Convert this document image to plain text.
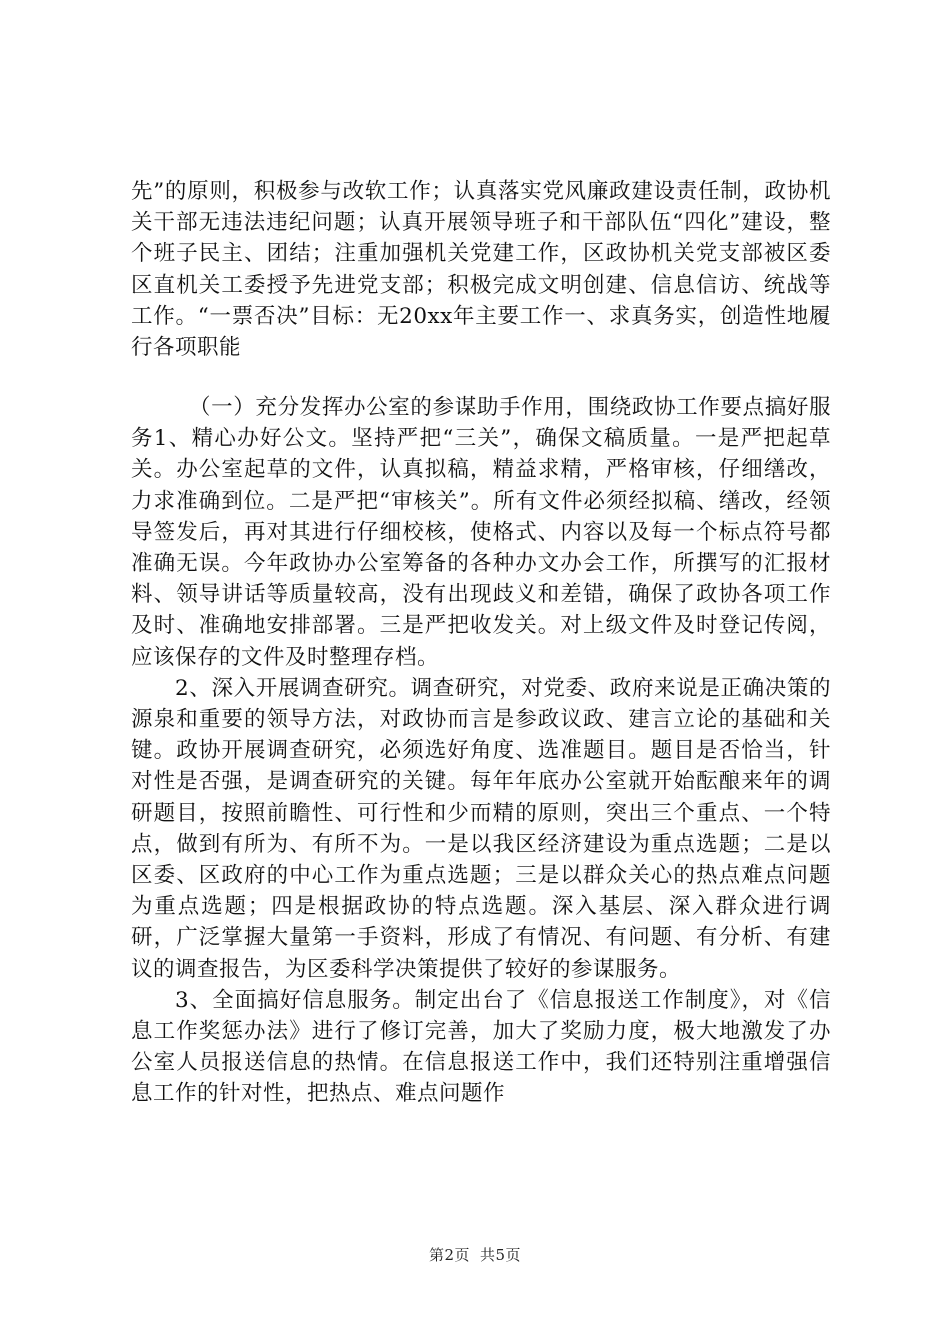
先”的原则，积极参与改软工作；认真落实党风廉政建设责任制，政协机关干部无违法违纪问题；认真开展领导班子和干部队伍“四化”建设，整个班子民主、团结；注重加强机关党建工作，区政协机关党支部被区委区直机关工委授予先进党支部；积极完成文明创建、信息信访、统战等工作。“一票否决”目标：无20xx年主要工作一、求真务实，创造性地履行各项职能

（一）充分发挥办公室的参谋助手作用，围绕政协工作要点搞好服务1、精心办好公文。坚持严把“三关”，确保文稿质量。一是严把起草关。办公室起草的文件，认真拟稿，精益求精，严格审核，仔细缮改，力求准确到位。二是严把“审核关”。所有文件必须经拟稿、缮改，经领导签发后，再对其进行仔细校核，使格式、内容以及每一个标点符号都准确无误。今年政协办公室筹备的各种办文办会工作，所撰写的汇报材料、领导讲话等质量较高，没有出现歧义和差错，确保了政协各项工作及时、准确地安排部署。三是严把收发关。对上级文件及时登记传阅，应该保存的文件及时整理存档。

2、深入开展调查研究。调查研究，对党委、政府来说是正确决策的源泉和重要的领导方法，对政协而言是参政议政、建言立论的基础和关键。政协开展调查研究，必须选好角度、选准题目。题目是否恰当，针对性是否强，是调查研究的关键。每年年底办公室就开始酝酿来年的调研题目，按照前瞻性、可行性和少而精的原则，突出三个重点、一个特点，做到有所为、有所不为。一是以我区经济建设为重点选题；二是以区委、区政府的中心工作为重点选题；三是以群众关心的热点难点问题为重点选题；四是根据政协的特点选题。深入基层、深入群众进行调研，广泛掌握大量第一手资料，形成了有情况、有问题、有分析、有建议的调查报告，为区委科学决策提供了较好的参谋服务。

3、全面搞好信息服务。制定出台了《信息报送工作制度》，对《信息工作奖惩办法》进行了修订完善，加大了奖励力度，极大地激发了办公室人员报送信息的热情。在信息报送工作中，我们还特别注重增强信息工作的针对性，把热点、难点问题作

第2页 共5页
